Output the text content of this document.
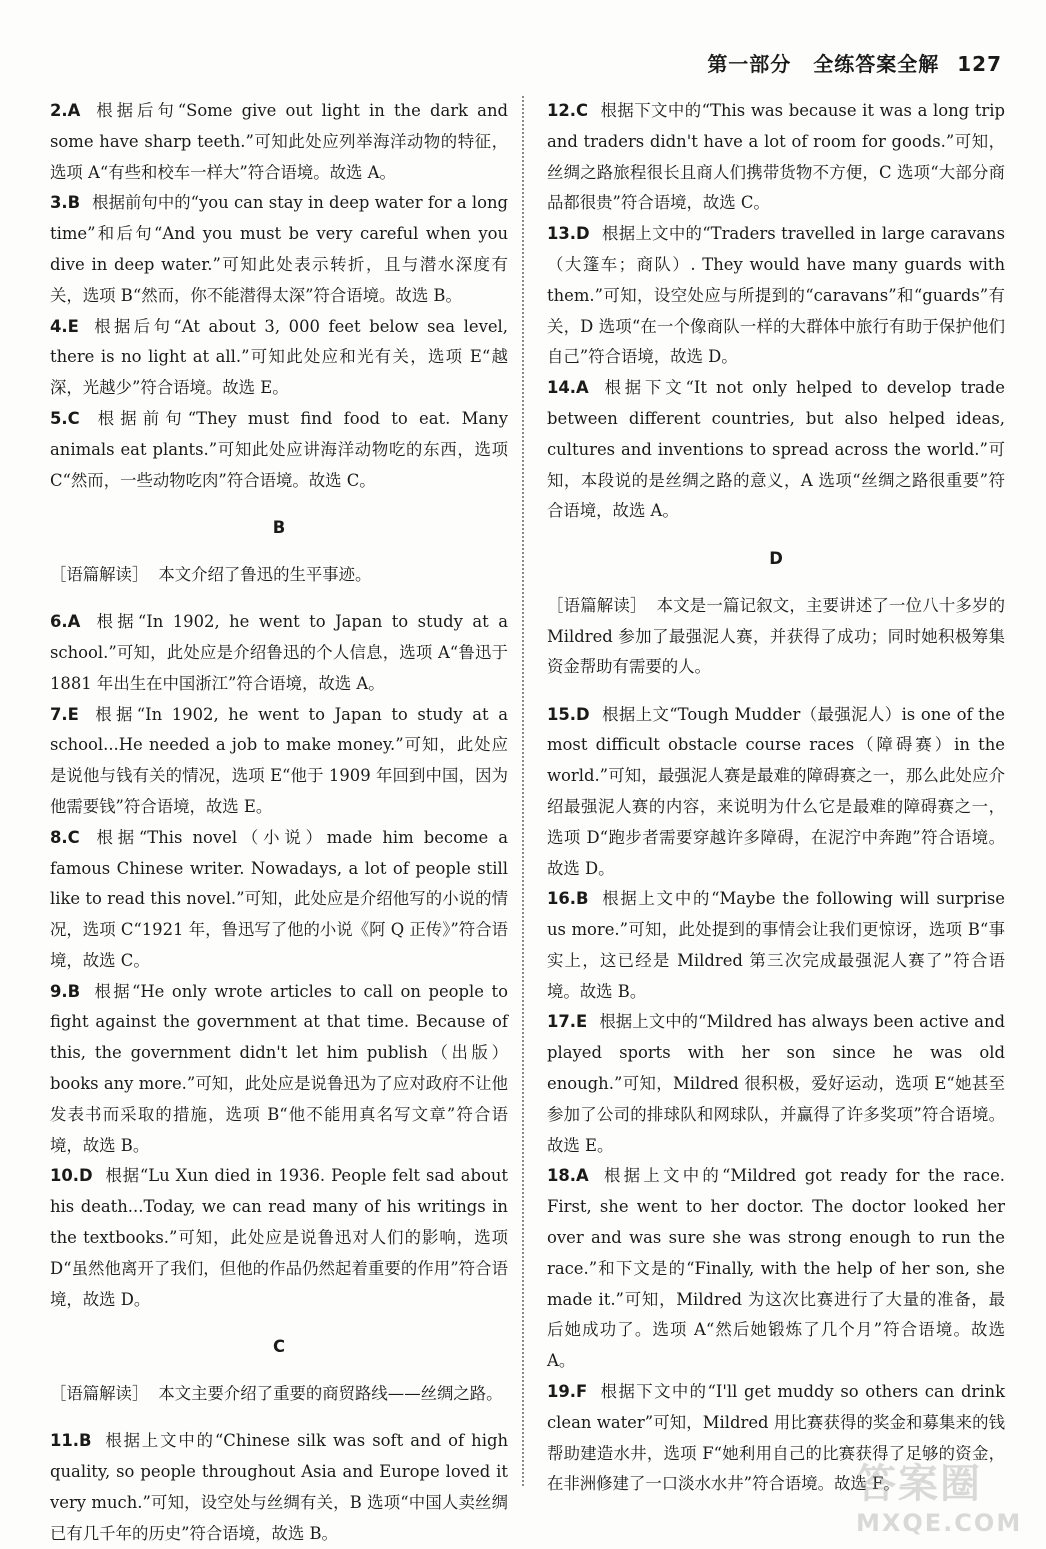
第一部分 全练答案全解 127

2.A 根据后句“Some give out light in the dark and some have sharp teeth.”可知此处应列举海洋动物的特征，选项 A“有些和校车一样大”符合语境。故选 A。

3.B 根据前句中的“you can stay in deep water for a long time”和后句“And you must be very careful when you dive in deep water.”可知此处表示转折，且与潜水深度有关，选项 B“然而，你不能潜得太深”符合语境。故选 B。

4.E 根据后句“At about 3, 000 feet below sea level, there is no light at all.”可知此处应和光有关，选项 E“越深，光越少”符合语境。故选 E。

5.C 根据前句“They must find food to eat. Many animals eat plants.”可知此处应讲海洋动物吃的东西，选项 C“然而，一些动物吃肉”符合语境。故选 C。

B

［语篇解读］ 本文介绍了鲁迅的生平事迹。

6.A 根据“In 1902, he went to Japan to study at a school.”可知，此处应是介绍鲁迅的个人信息，选项 A“鲁迅于 1881 年出生在中国浙江”符合语境，故选 A。

7.E 根据“In 1902, he went to Japan to study at a school...He needed a job to make money.”可知，此处应是说他与钱有关的情况，选项 E“他于 1909 年回到中国，因为他需要钱”符合语境，故选 E。

8.C 根据“This novel（小说）made him become a famous Chinese writer. Nowadays, a lot of people still like to read this novel.”可知，此处应是介绍他写的小说的情况，选项 C“1921 年，鲁迅写了他的小说《阿 Q 正传》”符合语境，故选 C。

9.B 根据“He only wrote articles to call on people to fight against the government at that time. Because of this, the government didn't let him publish（出版）books any more.”可知，此处应是说鲁迅为了应对政府不让他发表书而采取的措施，选项 B“他不能用真名写文章”符合语境，故选 B。

10.D 根据“Lu Xun died in 1936. People felt sad about his death...Today, we can read many of his writings in the textbooks.”可知，此处应是说鲁迅对人们的影响，选项 D“虽然他离开了我们，但他的作品仍然起着重要的作用”符合语境，故选 D。

C

［语篇解读］ 本文主要介绍了重要的商贸路线——丝绸之路。

11.B 根据上文中的“Chinese silk was soft and of high quality, so people throughout Asia and Europe loved it very much.”可知，设空处与丝绸有关，B 选项“中国人卖丝绸已有几千年的历史”符合语境，故选 B。

12.C 根据下文中的“This was because it was a long trip and traders didn't have a lot of room for goods.”可知，丝绸之路旅程很长且商人们携带货物不方便，C 选项“大部分商品都很贵”符合语境，故选 C。

13.D 根据上文中的“Traders travelled in large caravans（大篷车；商队）. They would have many guards with them.”可知，设空处应与所提到的“caravans”和“guards”有关，D 选项“在一个像商队一样的大群体中旅行有助于保护他们自己”符合语境，故选 D。

14.A 根据下文“It not only helped to develop trade between different countries, but also helped ideas, cultures and inventions to spread across the world.”可知，本段说的是丝绸之路的意义，A 选项“丝绸之路很重要”符合语境，故选 A。

D

［语篇解读］ 本文是一篇记叙文，主要讲述了一位八十多岁的 Mildred 参加了最强泥人赛，并获得了成功；同时她积极筹集资金帮助有需要的人。

15.D 根据上文“Tough Mudder（最强泥人）is one of the most difficult obstacle course races（障碍赛）in the world.”可知，最强泥人赛是最难的障碍赛之一，那么此处应介绍最强泥人赛的内容，来说明为什么它是最难的障碍赛之一，选项 D“跑步者需要穿越许多障碍，在泥泞中奔跑”符合语境。故选 D。

16.B 根据上文中的“Maybe the following will surprise us more.”可知，此处提到的事情会让我们更惊讶，选项 B“事实上，这已经是 Mildred 第三次完成最强泥人赛了”符合语境。故选 B。

17.E 根据上文中的“Mildred has always been active and played sports with her son since he was old enough.”可知，Mildred 很积极，爱好运动，选项 E“她甚至参加了公司的排球队和网球队，并赢得了许多奖项”符合语境。故选 E。

18.A 根据上文中的“Mildred got ready for the race. First, she went to her doctor. The doctor looked her over and was sure she was strong enough to run the race.”和下文是的“Finally, with the help of her son, she made it.”可知，Mildred 为这次比赛进行了大量的准备，最后她成功了。选项 A“然后她锻炼了几个月”符合语境。故选 A。

19.F 根据下文中的“I'll get muddy so others can drink clean water”可知，Mildred 用比赛获得的奖金和募集来的钱帮助建造水井，选项 F“她利用自己的比赛获得了足够的资金，在非洲修建了一口淡水水井”符合语境。故选 F。

答案圈
MXQE.COM
